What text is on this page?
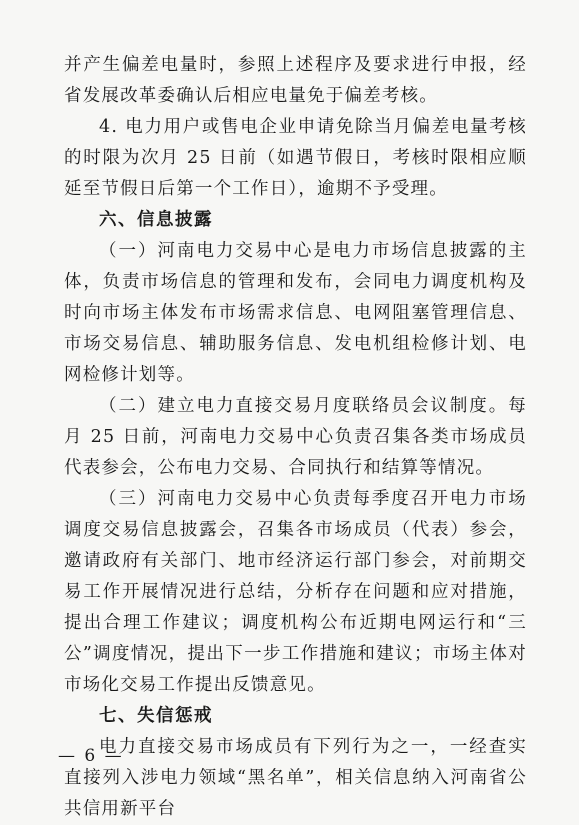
并产生偏差电量时，参照上述程序及要求进行申报，经省发展改革委确认后相应电量免于偏差考核。

4. 电力用户或售电企业申请免除当月偏差电量考核的时限为次月 25 日前（如遇节假日，考核时限相应顺延至节假日后第一个工作日），逾期不予受理。

六、信息披露

（一）河南电力交易中心是电力市场信息披露的主体，负责市场信息的管理和发布，会同电力调度机构及时向市场主体发布市场需求信息、电网阻塞管理信息、市场交易信息、辅助服务信息、发电机组检修计划、电网检修计划等。

（二）建立电力直接交易月度联络员会议制度。每月 25 日前，河南电力交易中心负责召集各类市场成员代表参会，公布电力交易、合同执行和结算等情况。

（三）河南电力交易中心负责每季度召开电力市场调度交易信息披露会，召集各市场成员（代表）参会，邀请政府有关部门、地市经济运行部门参会，对前期交易工作开展情况进行总结，分析存在问题和应对措施，提出合理工作建议；调度机构公布近期电网运行和“三公”调度情况，提出下一步工作措施和建议；市场主体对市场化交易工作提出反馈意见。

七、失信惩戒

电力直接交易市场成员有下列行为之一，一经查实直接列入涉电力领域“黑名单”，相关信息纳入河南省公共信用新平台

— 6 —
